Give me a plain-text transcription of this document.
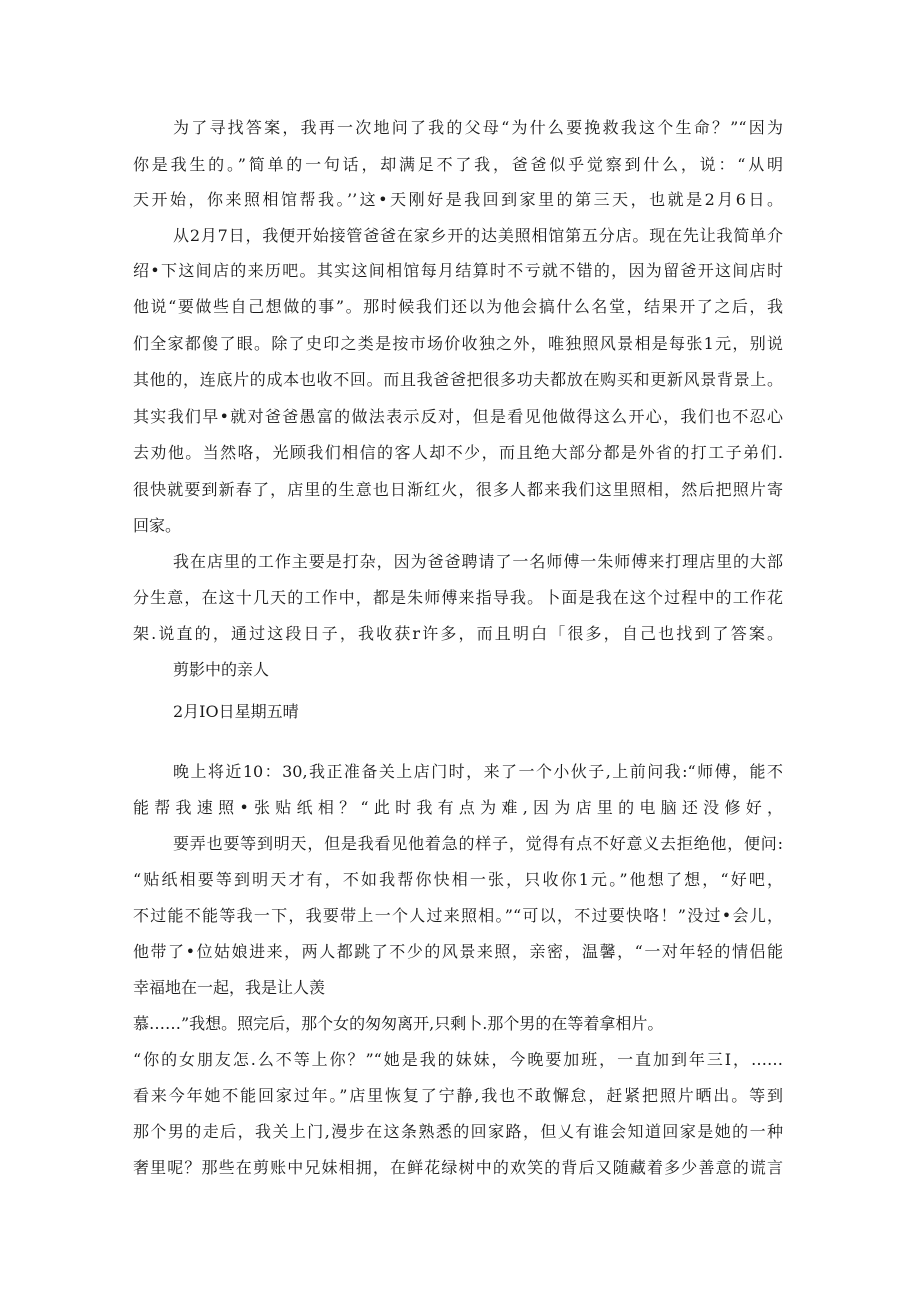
为了寻找答案，我再一次地问了我的父母“为什么要挽救我这个生命？”“因为
你是我生的。”简单的一句话，却满足不了我，爸爸似乎觉察到什么，说：“从明
天开始，你来照相馆帮我。’’这•天刚好是我回到家里的第三天，也就是2月6日。
从2月7日，我便开始接管爸爸在家乡开的达美照相馆第五分店。现在先让我简单介
绍•下这间店的来历吧。其实这间相馆每月结算时不亏就不错的，因为留爸开这间店时
他说“要做些自己想做的事”。那时候我们还以为他会搞什么名堂，结果开了之后，我
们全家都傻了眼。除了史印之类是按市场价收独之外，唯独照风景相是每张1元，别说
其他的，连底片的成本也收不回。而且我爸爸把很多功夫都放在购买和更新风景背景上。
其实我们早•就对爸爸愚富的做法表示反对，但是看见他做得这么开心，我们也不忍心
去劝他。当然咯，光顾我们相信的客人却不少，而且绝大部分都是外省的打工子弟们.
很快就要到新春了，店里的生意也日渐红火，很多人都来我们这里照相，然后把照片寄
回家。
我在店里的工作主要是打杂，因为爸爸聘请了一名师傅一朱师傅来打理店里的大部
分生意，在这十几天的工作中，都是朱师傅来指导我。卜面是我在这个过程中的工作花
架.说直的，通过这段日子，我收获r许多，而且明白「很多，自己也找到了答案。
剪影中的亲人
2月IO日星期五晴
晚上将近10：30,我正准备关上店门时，来了一个小伙子,上前问我:“师傅，能不
能帮我速照•张贴纸相？“此时我有点为难,因为店里的电脑还没修好，
要弄也要等到明天，但是我看见他着急的样子，觉得有点不好意义去拒绝他，便问:
“贴纸相要等到明天才有，不如我帮你快相一张，只收你1元。”他想了想，“好吧，
不过能不能等我一下，我要带上一个人过来照相。”“可以，不过要快咯！”没过•会儿，
他带了•位姑娘进来，两人都跳了不少的风景来照，亲密，温馨，“一对年轻的情侣能
幸福地在一起，我是让人羡
慕……”我想。照完后，那个女的匆匆离开,只剩卜.那个男的在等着拿相片。
“你的女朋友怎.么不等上你？”“她是我的妹妹，今晚要加班，一直加到年三I，……
看来今年她不能回家过年。”店里恢复了宁静,我也不敢懈怠，赶紧把照片晒出。等到
那个男的走后，我关上门,漫步在这条熟悉的回家路，但乂有谁会知道回家是她的一种
奢里呢？那些在剪账中兄妹相拥，在鲜花绿树中的欢笑的背后又随藏着多少善意的谎言
